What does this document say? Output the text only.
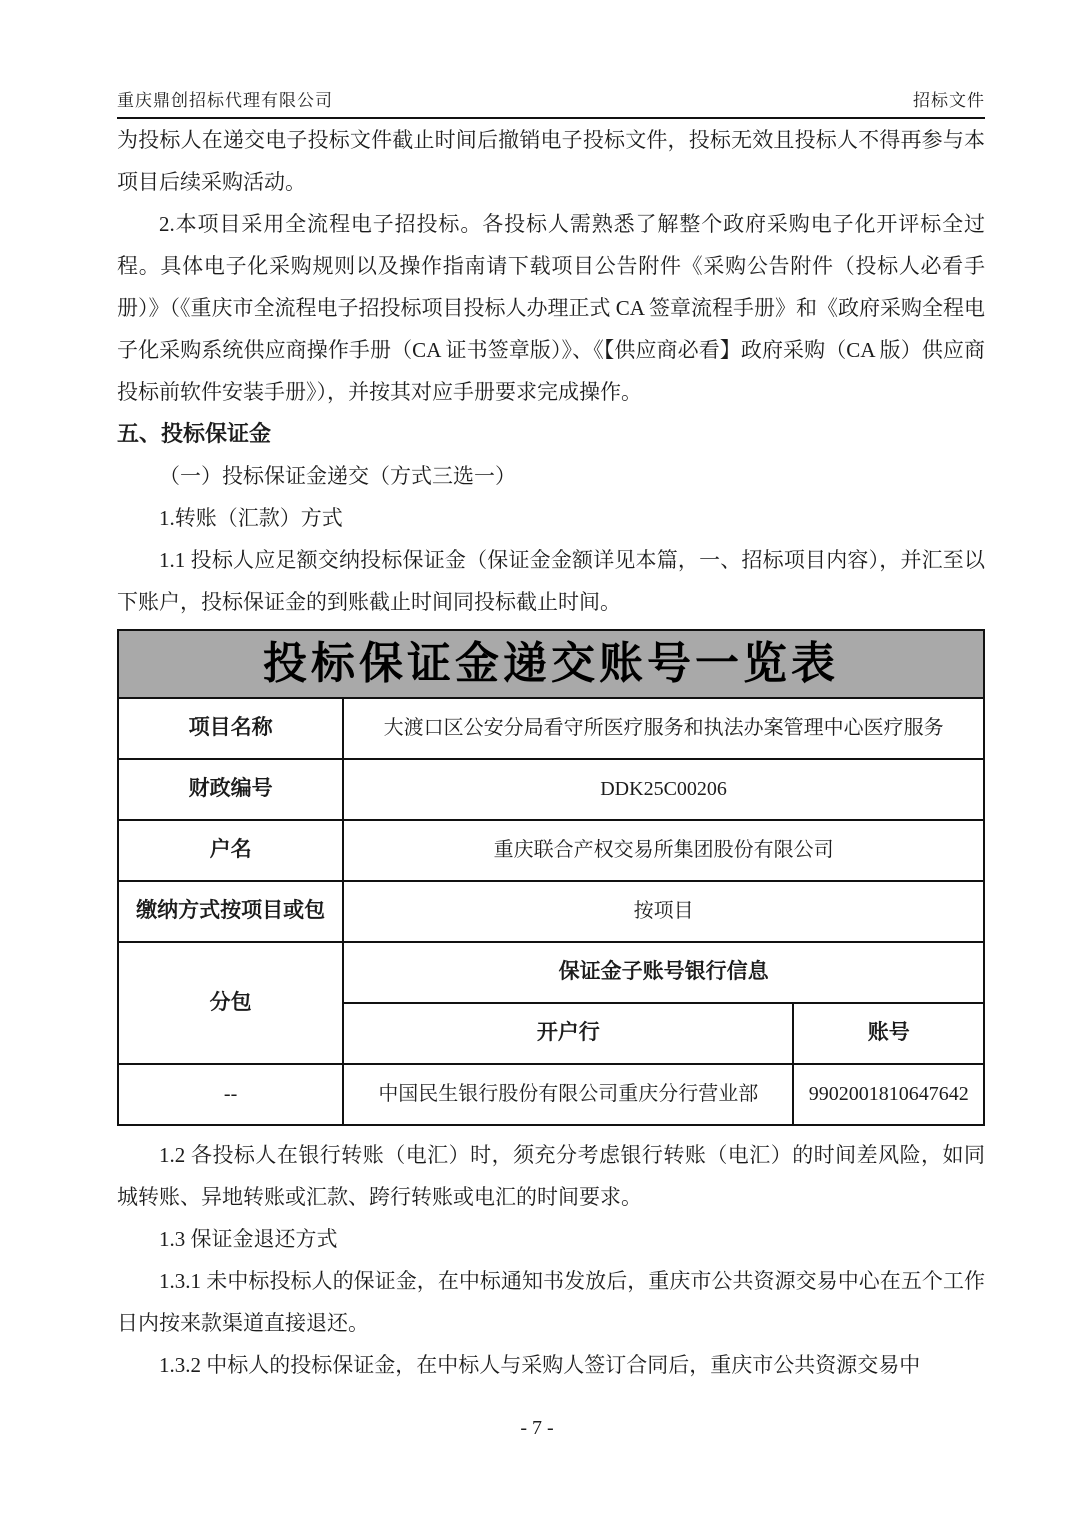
重庆鼎创招标代理有限公司	招标文件

为投标人在递交电子投标文件截止时间后撤销电子投标文件，投标无效且投标人不得再参与本项目后续采购活动。

2.本项目采用全流程电子招投标。各投标人需熟悉了解整个政府采购电子化开评标全过程。具体电子化采购规则以及操作指南请下载项目公告附件《采购公告附件（投标人必看手册）》（《重庆市全流程电子招投标项目投标人办理正式 CA 签章流程手册》和《政府采购全程电子化采购系统供应商操作手册（CA 证书签章版）》、《【供应商必看】政府采购（CA 版）供应商投标前软件安装手册》），并按其对应手册要求完成操作。

五、投标保证金

（一）投标保证金递交（方式三选一）

1.转账（汇款）方式

1.1 投标人应足额交纳投标保证金（保证金金额详见本篇，一、招标项目内容），并汇至以下账户，投标保证金的到账截止时间同投标截止时间。

投标保证金递交账号一览表		
项目名称	大渡口区公安分局看守所医疗服务和执法办案管理中心医疗服务	
财政编号	DDK25C00206	
户名	重庆联合产权交易所集团股份有限公司	
缴纳方式按项目或包	按项目	
分包	保证金子账号银行信息	
	开户行	账号
--	中国民生银行股份有限公司重庆分行营业部	9902001810647642

1.2 各投标人在银行转账（电汇）时，须充分考虑银行转账（电汇）的时间差风险，如同城转账、异地转账或汇款、跨行转账或电汇的时间要求。

1.3 保证金退还方式

1.3.1 未中标投标人的保证金，在中标通知书发放后，重庆市公共资源交易中心在五个工作日内按来款渠道直接退还。

1.3.2 中标人的投标保证金，在中标人与采购人签订合同后，重庆市公共资源交易中

- 7 -
